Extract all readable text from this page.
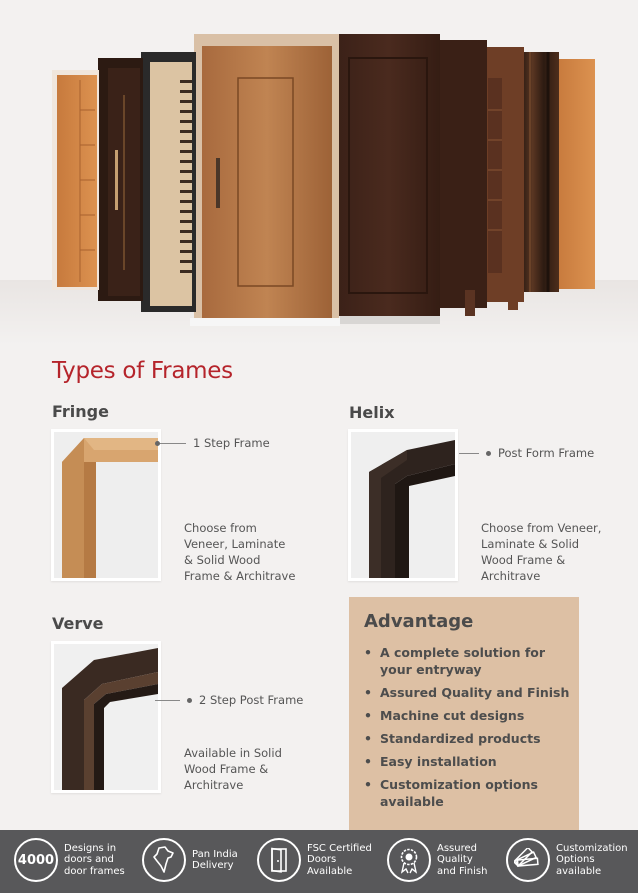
Types of Frames
Fringe
1 Step Frame
Choose from
Veneer, Laminate
& Solid Wood
Frame & Architrave
Helix
Post Form Frame
Choose from Veneer,
Laminate & Solid
Wood Frame &
Architrave
Verve
2 Step Post Frame
Available in Solid
Wood Frame &
Architrave
Advantage
• A complete solution for your entryway
• Assured Quality and Finish
• Machine cut designs
• Standardized products
• Easy installation
• Customization options available
4000
Designs in
doors and
door frames
Pan India
Delivery
FSC Certified
Doors
Available
Assured
Quality
and Finish
Customization
Options
available
